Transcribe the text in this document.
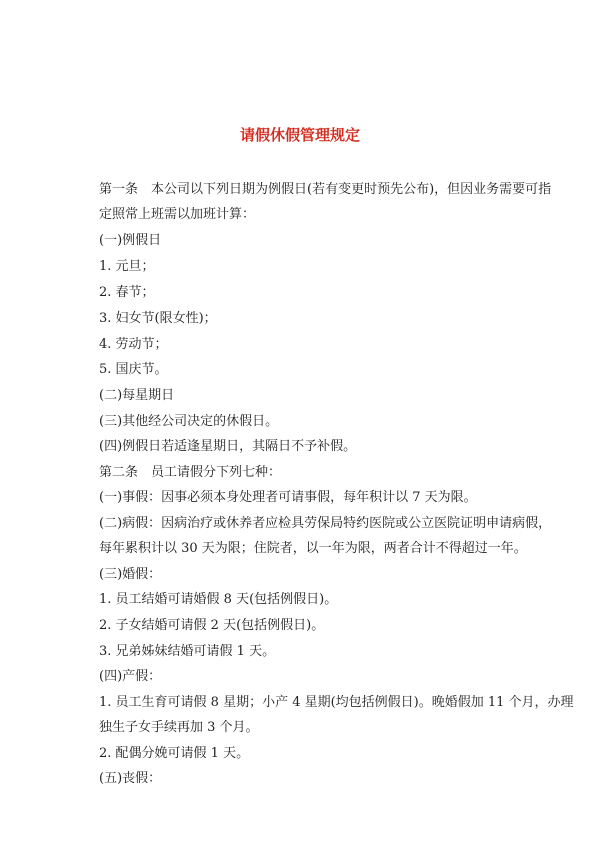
请假休假管理规定
第一条　本公司以下列日期为例假日(若有变更时预先公布)，但因业务需要可指
定照常上班需以加班计算：
(一)例假日
1. 元旦；
2. 春节；
3. 妇女节(限女性)；
4. 劳动节；
5. 国庆节。
(二)每星期日
(三)其他经公司决定的休假日。
(四)例假日若适逢星期日，其隔日不予补假。
第二条　员工请假分下列七种：
(一)事假：因事必须本身处理者可请事假，每年积计以 7 天为限。
(二)病假：因病治疗或休养者应检具劳保局特约医院或公立医院证明申请病假，
每年累积计以 30 天为限；住院者，以一年为限，两者合计不得超过一年。
(三)婚假：
1. 员工结婚可请婚假 8 天(包括例假日)。
2. 子女结婚可请假 2 天(包括例假日)。
3. 兄弟姊妹结婚可请假 1 天。
(四)产假：
1. 员工生育可请假 8 星期；小产 4 星期(均包括例假日)。晚婚假加 11 个月，办理
独生子女手续再加 3 个月。
2. 配偶分娩可请假 1 天。
(五)丧假：
